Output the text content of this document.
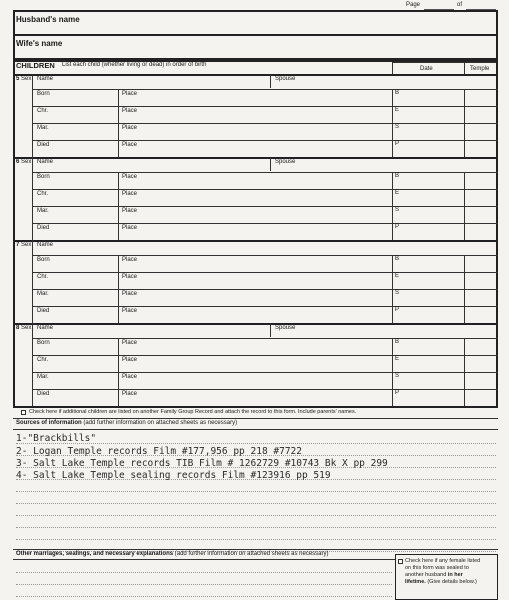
Page	of
Husband's name
Wife's name
CHILDREN List each child (whether living or dead) in order of birth
Date	Temple
5 Sex Name	Spouse
Born	Place	B
Chr.	Place	E
Mar.	Place	S
Died	Place	P
6 Sex Name	Spouse
Born	Place	B
Chr.	Place	E
Mar.	Place	S
Died	Place	P
7 Sex Name
Born	Place	B
Chr.	Place	E
Mar.	Place	S
Died	Place	P
8 Sex Name	Spouse
Born	Place	B
Chr.	Place	E
Mar.	Place	S
Died	Place	P
Check here if additional children are listed on another Family Group Record and attach the record to this form. Include parents' names.
Sources of information (add further information on attached sheets as necessary)
1-"Brackbills"
2- Logan Temple records Film #177,956 pp 218 #7722
3- Salt Lake Temple records TIB Film # 1262729 #10743 Bk X pp 299
4- Salt Lake Temple sealing records Film #123916 pp 519
Other marriages, sealings, and necessary explanations (add further information on attached sheets as necessary)
Check here if any female listed
on this form was sealed to
another husband in her
lifetime. (Give details below.)
